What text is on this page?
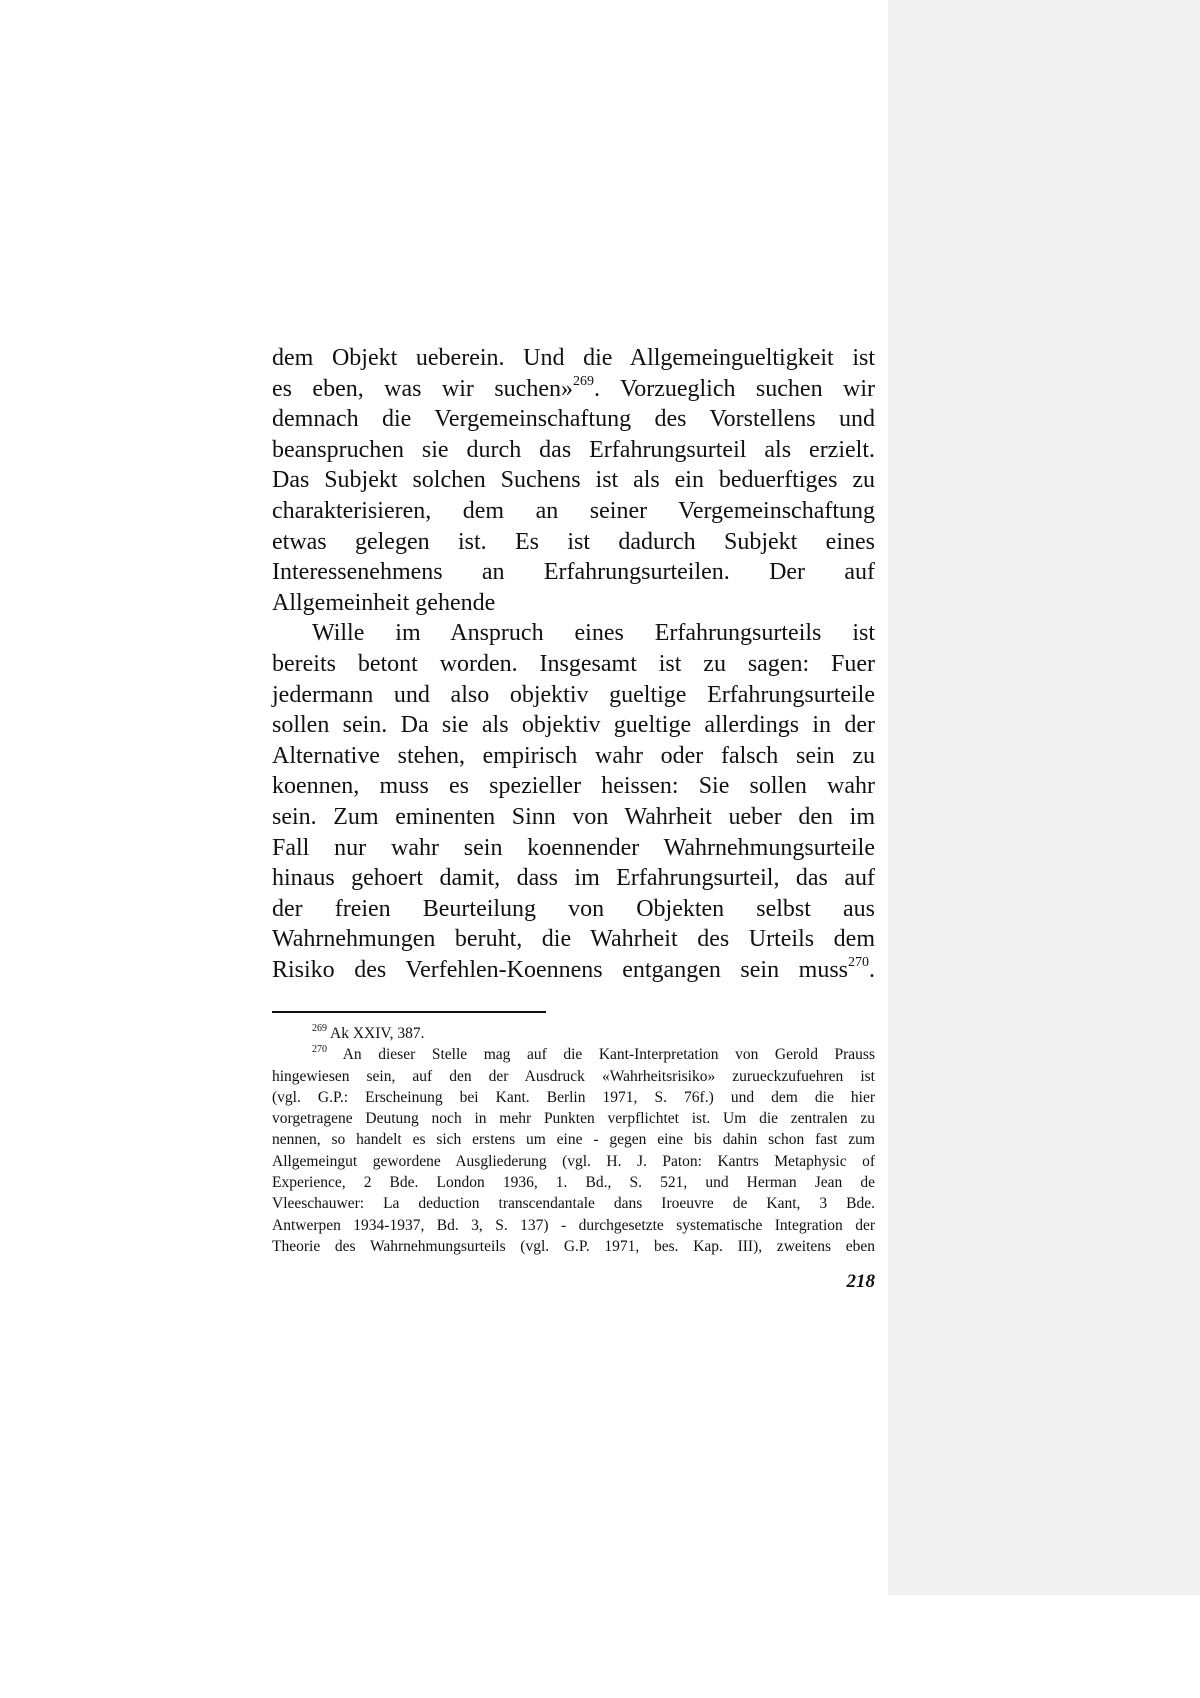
dem Objekt ueberein. Und die Allgemeingueltigkeit ist
es eben, was wir suchen»$^{269}$. Vorzueglich suchen wir
demnach die Vergemeinschaftung des Vorstellens und
beanspruchen sie durch das Erfahrungsurteil als erzielt.
Das Subjekt solchen Suchens ist als ein beduerftiges zu
charakterisieren, dem an seiner Vergemeinschaftung
etwas gelegen ist. Es ist dadurch Subjekt eines
Interessenehmens an Erfahrungsurteilen. Der auf
Allgemeinheit gehende
Wille im Anspruch eines Erfahrungsurteils ist
bereits betont worden. Insgesamt ist zu sagen: Fuer
jedermann und also objektiv gueltige Erfahrungsurteile
sollen sein. Da sie als objektiv gueltige allerdings in der
Alternative stehen, empirisch wahr oder falsch sein zu
koennen, muss es spezieller heissen: Sie sollen wahr
sein. Zum eminenten Sinn von Wahrheit ueber den im
Fall nur wahr sein koennender Wahrnehmungsurteile
hinaus gehoert damit, dass im Erfahrungsurteil, das auf
der freien Beurteilung von Objekten selbst aus
Wahrnehmungen beruht, die Wahrheit des Urteils dem
Risiko des Verfehlen-Koennens entgangen sein muss$^{270}$.
$^{269}$ Ak XXIV, 387.
$^{270}$ An dieser Stelle mag auf die Kant-Interpretation von Gerold Prauss
hingewiesen sein, auf den der Ausdruck «Wahrheitsrisiko» zurueckzufuehren ist
(vgl. G.P.: Erscheinung bei Kant. Berlin 1971, S. 76f.) und dem die hier
vorgetragene Deutung noch in mehr Punkten verpflichtet ist. Um die zentralen zu
nennen, so handelt es sich erstens um eine - gegen eine bis dahin schon fast zum
Allgemeingut gewordene Ausgliederung (vgl. H. J. Paton: Kantrs Metaphysic of
Experience, 2 Bde. London 1936, 1. Bd., S. 521, und Herman Jean de
Vleeschauwer: La deduction transcendantale dans Iroeuvre de Kant, 3 Bde.
Antwerpen 1934-1937, Bd. 3, S. 137) - durchgesetzte systematische Integration der
Theorie des Wahrnehmungsurteils (vgl. G.P. 1971, bes. Kap. III), zweitens eben
218
